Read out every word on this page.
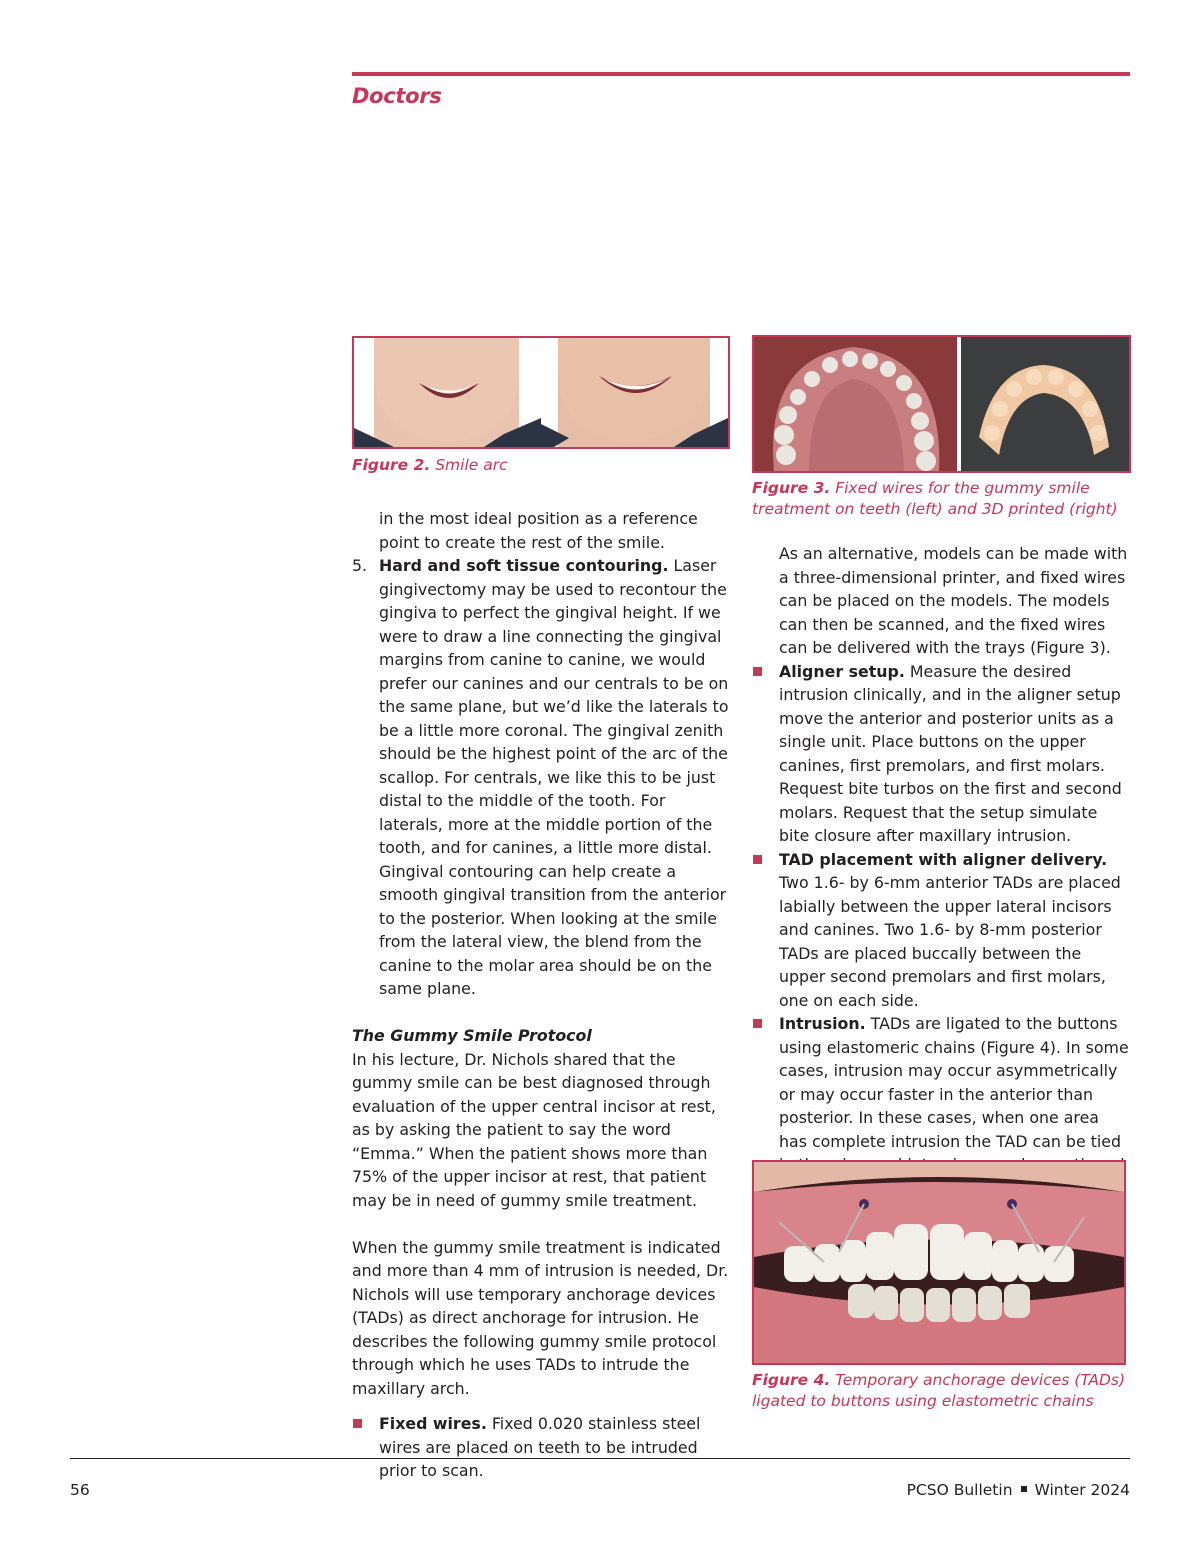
Doctors
Figure 2. Smile arc
Figure 3. Fixed wires for the gummy smile treatment on teeth (left) and 3D printed (right)

in the most ideal position as a reference point to create the rest of the smile.

5. Hard and soft tissue contouring. Laser gingivectomy may be used to recontour the gingiva to perfect the gingival height. If we were to draw a line connecting the gingival margins from canine to canine, we would prefer our canines and our centrals to be on the same plane, but we’d like the laterals to be a little more coronal. The gingival zenith should be the highest point of the arc of the scallop. For centrals, we like this to be just distal to the middle of the tooth. For laterals, more at the middle portion of the tooth, and for canines, a little more distal. Gingival contouring can help create a smooth gingival transition from the anterior to the posterior. When looking at the smile from the lateral view, the blend from the canine to the molar area should be on the same plane.

The Gummy Smile Protocol

In his lecture, Dr. Nichols shared that the gummy smile can be best diagnosed through evaluation of the upper central incisor at rest, as by asking the patient to say the word “Emma.” When the patient shows more than 75% of the upper incisor at rest, that patient may be in need of gummy smile treatment.

When the gummy smile treatment is indicated and more than 4 mm of intrusion is needed, Dr. Nichols will use temporary anchorage devices (TADs) as direct anchorage for intrusion. He describes the following gummy smile protocol through which he uses TADs to intrude the maxillary arch.

Fixed wires. Fixed 0.020 stainless steel wires are placed on teeth to be intruded prior to scan.

As an alternative, models can be made with a three-dimensional printer, and fixed wires can be placed on the models. The models can then be scanned, and the fixed wires can be delivered with the trays (Figure 3).

Aligner setup. Measure the desired intrusion clinically, and in the aligner setup move the anterior and posterior units as a single unit. Place buttons on the upper canines, first premolars, and first molars. Request bite turbos on the first and second molars. Request that the setup simulate bite closure after maxillary intrusion.
TAD placement with aligner delivery. Two 1.6- by 6-mm anterior TADs are placed labially between the upper lateral incisors and canines. Two 1.6- by 8-mm posterior TADs are placed buccally between the upper second premolars and first molars, one on each side.
Intrusion. TADs are ligated to the buttons using elastomeric chains (Figure 4). In some cases, intrusion may occur asymmetrically or may occur faster in the anterior than posterior. In these cases, when one area has complete intrusion the TAD can be tied
Figure 4. Temporary anchorage devices (TADs) ligated to buttons using elastometric chains
56	PCSO Bulletin Winter 2024
